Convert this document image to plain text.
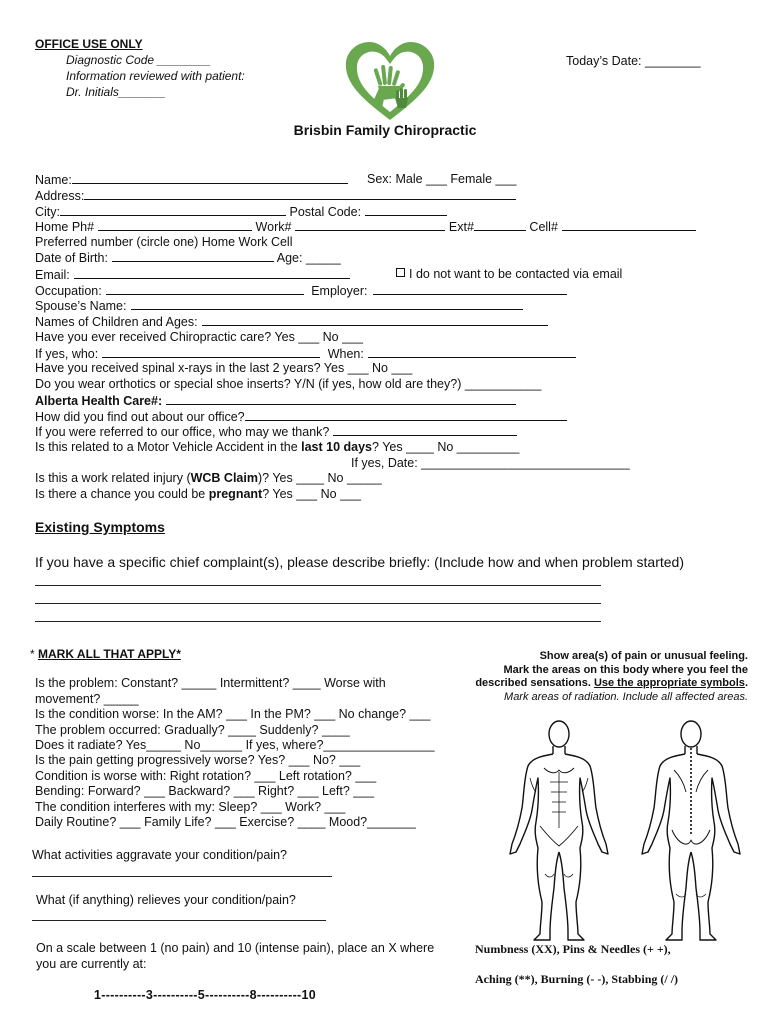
OFFICE USE ONLY
Diagnostic Code ________
Information reviewed with patient:
Dr. Initials_______
Today’s Date: ________
Brisbin Family Chiropractic
Name:	Sex: Male ___ Female ___
Address:
City:	Postal Code:
Home Ph#	Work#	Ext#	Cell#
Preferred number (circle one) Home Work Cell
Date of Birth:	Age: _____
Email:	I do not want to be contacted via email
Occupation:	Employer:
Spouse’s Name:
Names of Children and Ages:
Have you ever received Chiropractic care? Yes ___ No ___
If yes, who:	When:
Have you received spinal x-rays in the last 2 years? Yes ___ No ___
Do you wear orthotics or special shoe inserts? Y/N (if yes, how old are they?) ___________
Alberta Health Care#:
How did you find out about our office?
If you were referred to our office, who may we thank?
Is this related to a Motor Vehicle Accident in the last 10 days? Yes ____ No _________
If yes, Date: ______________________________
Is this a work related injury (WCB Claim)? Yes ____ No _____
Is there a chance you could be pregnant? Yes ___ No ___
Existing Symptoms
If you have a specific chief complaint(s), please describe briefly: (Include how and when problem started)
* MARK ALL THAT APPLY*
Is the problem: Constant? _____ Intermittent? ____ Worse with
movement? _____
Is the condition worse: In the AM? ___ In the PM? ___ No change? ___
The problem occurred: Gradually? ____ Suddenly? ____
Does it radiate? Yes_____ No______ If yes, where?________________
Is the pain getting progressively worse? Yes? ___ No? ___
Condition is worse with: Right rotation? ___ Left rotation? ___
Bending: Forward? ___ Backward? ___ Right? ___ Left? ___
The condition interferes with my: Sleep? ___ Work? ___
Daily Routine? ___ Family Life? ___ Exercise? ____ Mood?_______
What activities aggravate your condition/pain?
What (if anything) relieves your condition/pain?
On a scale between 1 (no pain) and 10 (intense pain), place an X where
you are currently at:
1----------3----------5----------8----------10
Show area(s) of pain or unusual feeling.
Mark the areas on this body where you feel the
described sensations. Use the appropriate symbols.
Mark areas of radiation. Include all affected areas.
Numbness (XX), Pins & Needles (+ +),
Aching (**), Burning (- -), Stabbing (/ /)
